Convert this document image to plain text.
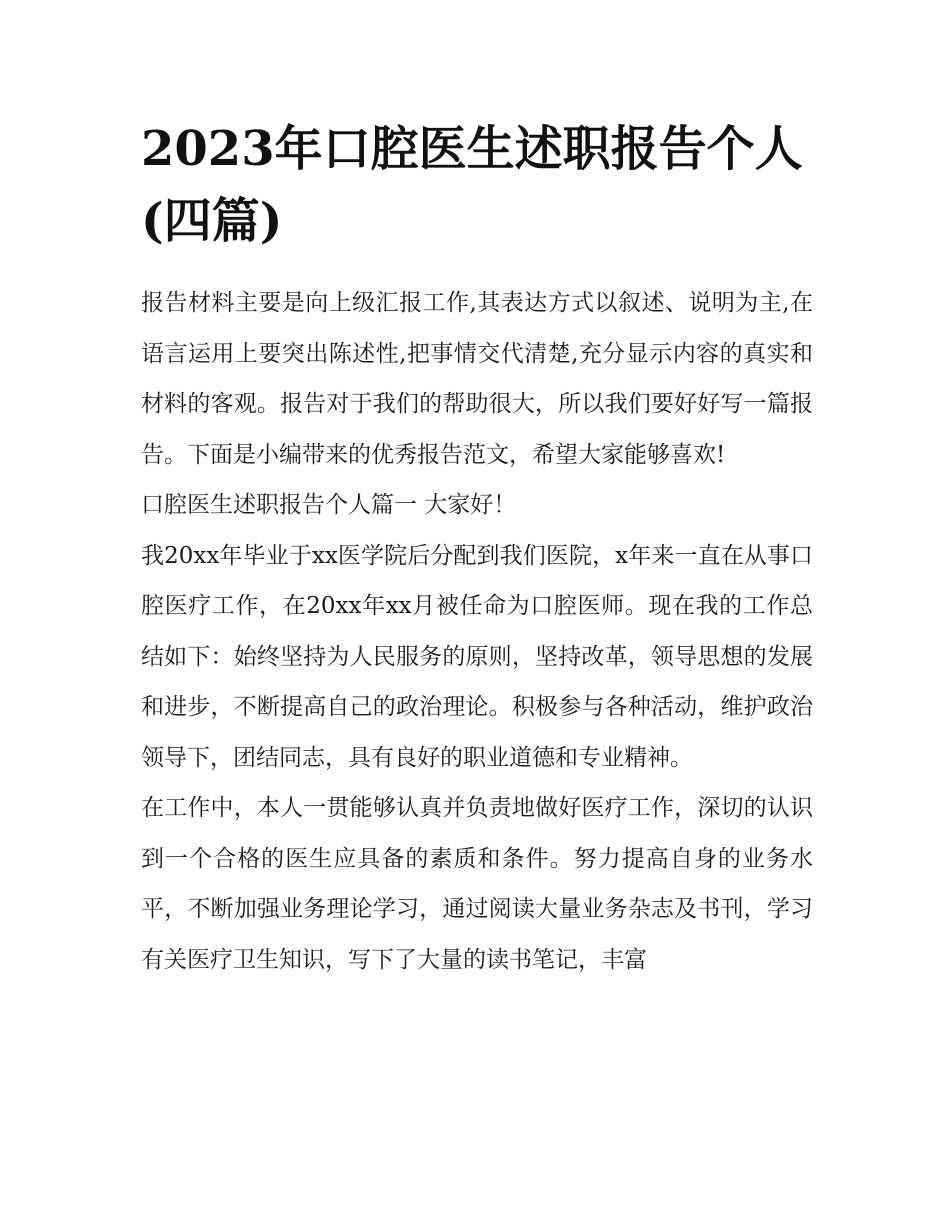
2023年口腔医生述职报告个人(四篇)

报告材料主要是向上级汇报工作,其表达方式以叙述、说明为主,在语言运用上要突出陈述性,把事情交代清楚,充分显示内容的真实和材料的客观。报告对于我们的帮助很大，所以我们要好好写一篇报告。下面是小编带来的优秀报告范文，希望大家能够喜欢!

口腔医生述职报告个人篇一 大家好！

我20xx年毕业于xx医学院后分配到我们医院，x年来一直在从事口腔医疗工作，在20xx年xx月被任命为口腔医师。现在我的工作总结如下：始终坚持为人民服务的原则，坚持改革，领导思想的发展和进步，不断提高自己的政治理论。积极参与各种活动，维护政治领导下，团结同志，具有良好的职业道德和专业精神。

在工作中，本人一贯能够认真并负责地做好医疗工作，深切的认识到一个合格的医生应具备的素质和条件。努力提高自身的业务水平，不断加强业务理论学习，通过阅读大量业务杂志及书刊，学习有关医疗卫生知识，写下了大量的读书笔记，丰富
